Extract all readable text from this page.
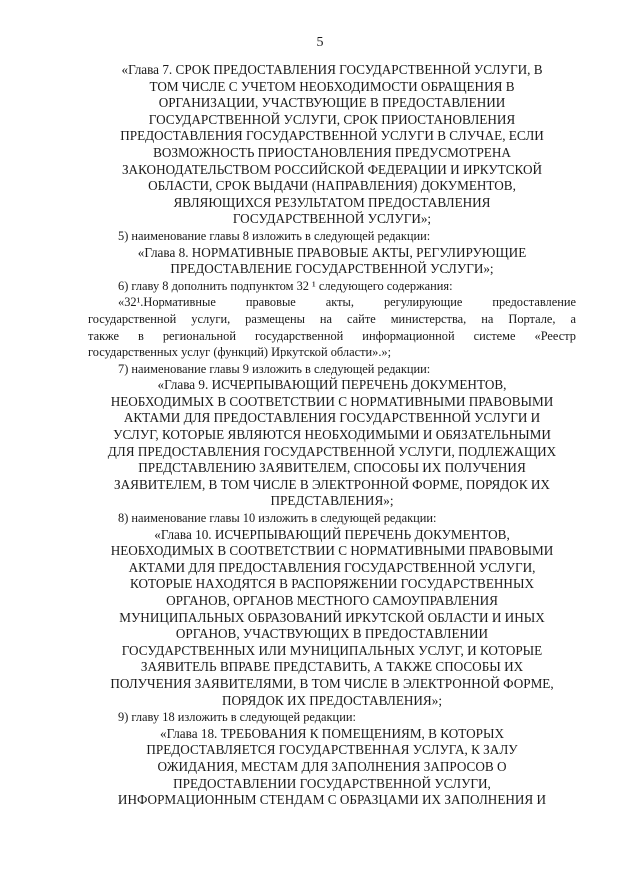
5
«Глава 7. СРОК ПРЕДОСТАВЛЕНИЯ ГОСУДАРСТВЕННОЙ УСЛУГИ, В
ТОМ ЧИСЛЕ С УЧЕТОМ НЕОБХОДИМОСТИ ОБРАЩЕНИЯ В
ОРГАНИЗАЦИИ, УЧАСТВУЮЩИЕ В ПРЕДОСТАВЛЕНИИ
ГОСУДАРСТВЕННОЙ УСЛУГИ, СРОК ПРИОСТАНОВЛЕНИЯ
ПРЕДОСТАВЛЕНИЯ ГОСУДАРСТВЕННОЙ УСЛУГИ В СЛУЧАЕ, ЕСЛИ
ВОЗМОЖНОСТЬ ПРИОСТАНОВЛЕНИЯ ПРЕДУСМОТРЕНА
ЗАКОНОДАТЕЛЬСТВОМ РОССИЙСКОЙ ФЕДЕРАЦИИ И ИРКУТСКОЙ
ОБЛАСТИ, СРОК ВЫДАЧИ (НАПРАВЛЕНИЯ) ДОКУМЕНТОВ,
ЯВЛЯЮЩИХСЯ РЕЗУЛЬТАТОМ ПРЕДОСТАВЛЕНИЯ
ГОСУДАРСТВЕННОЙ УСЛУГИ»;
5) наименование главы 8 изложить в следующей редакции:
«Глава 8. НОРМАТИВНЫЕ ПРАВОВЫЕ АКТЫ, РЕГУЛИРУЮЩИЕ
ПРЕДОСТАВЛЕНИЕ ГОСУДАРСТВЕННОЙ УСЛУГИ»;
6) главу 8 дополнить подпунктом 32 ¹ следующего содержания:
«32¹.Нормативные правовые акты, регулирующие предоставление
государственной услуги, размещены на сайте министерства, на Портале, а
также в региональной государственной информационной системе «Реестр
государственных услуг (функций) Иркутской области».»;
7) наименование главы 9 изложить в следующей редакции:
«Глава 9. ИСЧЕРПЫВАЮЩИЙ ПЕРЕЧЕНЬ ДОКУМЕНТОВ,
НЕОБХОДИМЫХ В СООТВЕТСТВИИ С НОРМАТИВНЫМИ ПРАВОВЫМИ
АКТАМИ ДЛЯ ПРЕДОСТАВЛЕНИЯ ГОСУДАРСТВЕННОЙ УСЛУГИ И
УСЛУГ, КОТОРЫЕ ЯВЛЯЮТСЯ НЕОБХОДИМЫМИ И ОБЯЗАТЕЛЬНЫМИ
ДЛЯ ПРЕДОСТАВЛЕНИЯ ГОСУДАРСТВЕННОЙ УСЛУГИ, ПОДЛЕЖАЩИХ
ПРЕДСТАВЛЕНИЮ ЗАЯВИТЕЛЕМ, СПОСОБЫ ИХ ПОЛУЧЕНИЯ
ЗАЯВИТЕЛЕМ, В ТОМ ЧИСЛЕ В ЭЛЕКТРОННОЙ ФОРМЕ, ПОРЯДОК ИХ
ПРЕДСТАВЛЕНИЯ»;
8) наименование главы 10 изложить в следующей редакции:
«Глава 10. ИСЧЕРПЫВАЮЩИЙ ПЕРЕЧЕНЬ ДОКУМЕНТОВ,
НЕОБХОДИМЫХ В СООТВЕТСТВИИ С НОРМАТИВНЫМИ ПРАВОВЫМИ
АКТАМИ ДЛЯ ПРЕДОСТАВЛЕНИЯ ГОСУДАРСТВЕННОЙ УСЛУГИ,
КОТОРЫЕ НАХОДЯТСЯ В РАСПОРЯЖЕНИИ ГОСУДАРСТВЕННЫХ
ОРГАНОВ, ОРГАНОВ МЕСТНОГО САМОУПРАВЛЕНИЯ
МУНИЦИПАЛЬНЫХ ОБРАЗОВАНИЙ ИРКУТСКОЙ ОБЛАСТИ И ИНЫХ
ОРГАНОВ, УЧАСТВУЮЩИХ В ПРЕДОСТАВЛЕНИИ
ГОСУДАРСТВЕННЫХ ИЛИ МУНИЦИПАЛЬНЫХ УСЛУГ, И КОТОРЫЕ
ЗАЯВИТЕЛЬ ВПРАВЕ ПРЕДСТАВИТЬ, А ТАКЖЕ СПОСОБЫ ИХ
ПОЛУЧЕНИЯ ЗАЯВИТЕЛЯМИ, В ТОМ ЧИСЛЕ В ЭЛЕКТРОННОЙ ФОРМЕ,
ПОРЯДОК ИХ ПРЕДОСТАВЛЕНИЯ»;
9) главу 18 изложить в следующей редакции:
«Глава 18. ТРЕБОВАНИЯ К ПОМЕЩЕНИЯМ, В КОТОРЫХ
ПРЕДОСТАВЛЯЕТСЯ ГОСУДАРСТВЕННАЯ УСЛУГА, К ЗАЛУ
ОЖИДАНИЯ, МЕСТАМ ДЛЯ ЗАПОЛНЕНИЯ ЗАПРОСОВ О
ПРЕДОСТАВЛЕНИИ ГОСУДАРСТВЕННОЙ УСЛУГИ,
ИНФОРМАЦИОННЫМ СТЕНДАМ С ОБРАЗЦАМИ ИХ ЗАПОЛНЕНИЯ И
